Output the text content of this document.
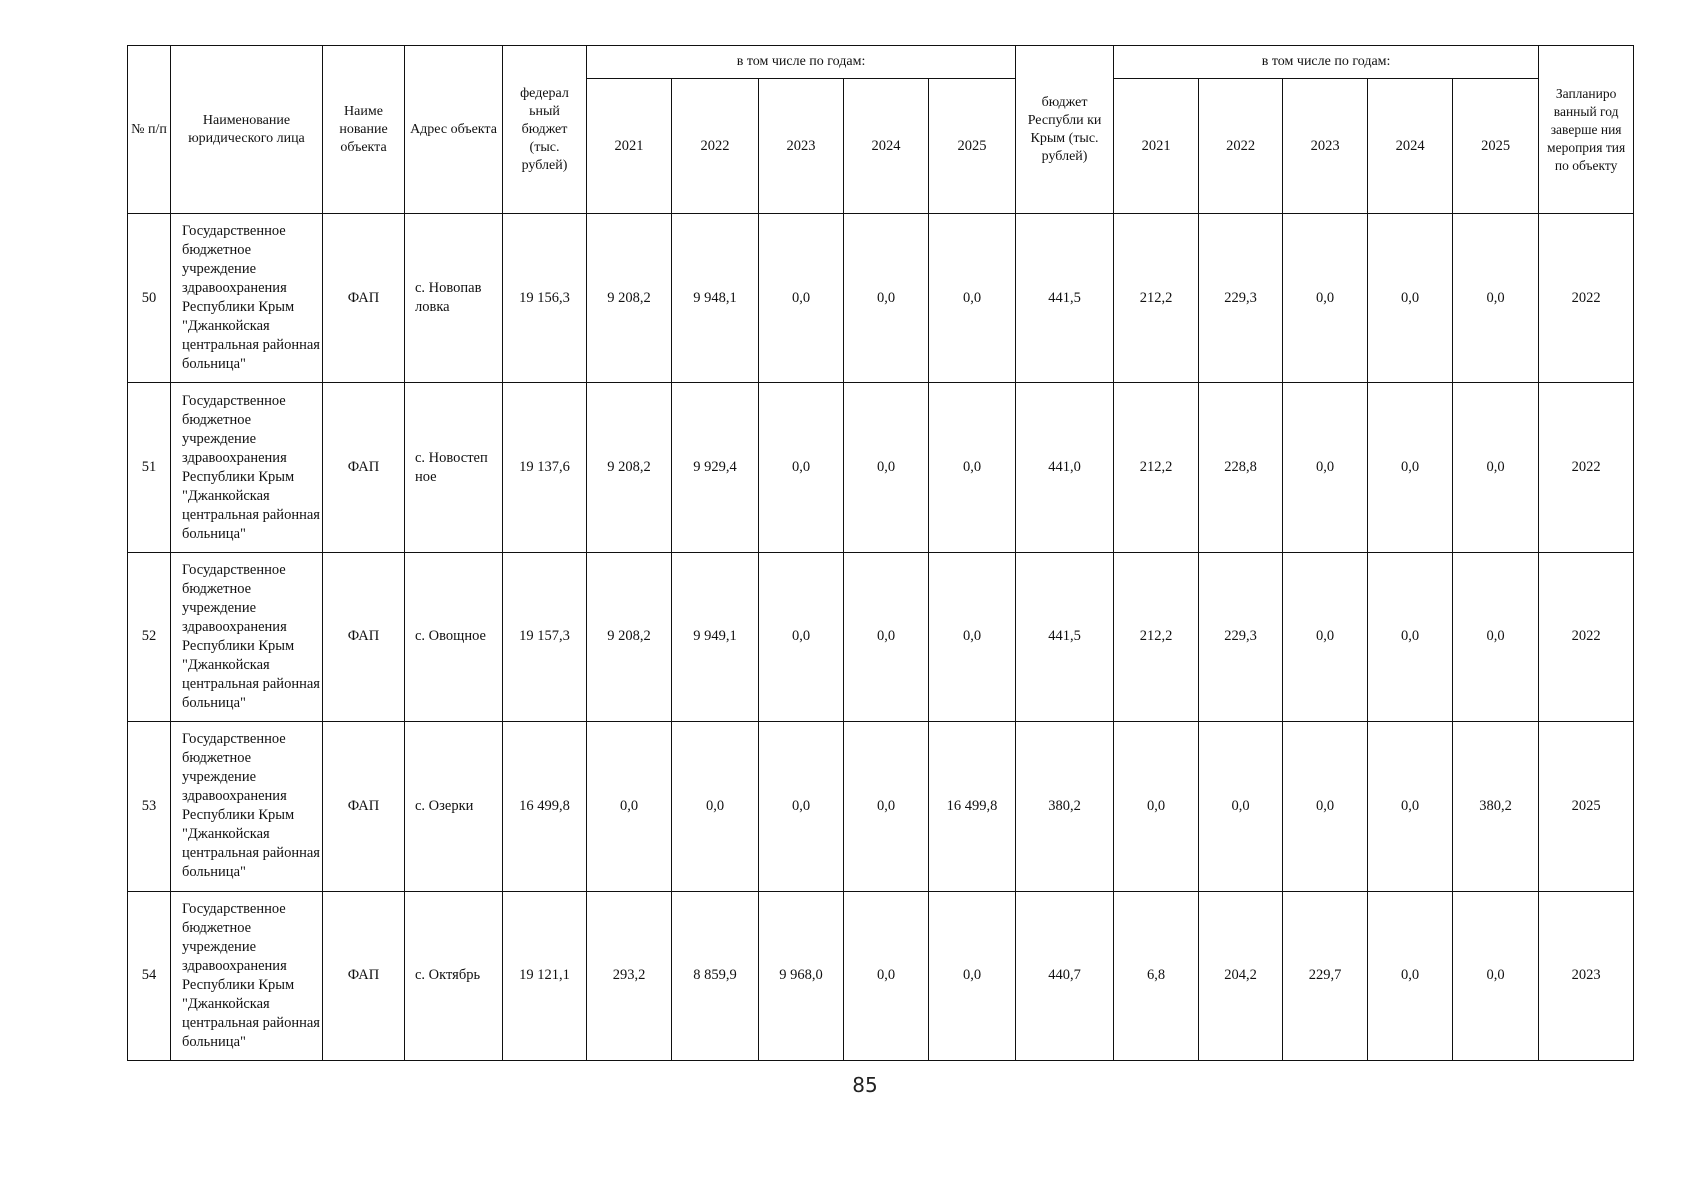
№ п/п	Наименование юридического лица	Наиме нование объекта	Адрес объекта	федерал ьный бюджет (тыс. рублей)	в том числе по годам:					бюджет Республи ки Крым (тыс. рублей)	в том числе по годам:					Запланиро ванный год заверше ния мероприя тия по объекту
					2021	2022	2023	2024	2025		2021	2022	2023	2024	2025	
50	Государственное бюджетное учреждение здравоохранения Республики Крым "Джанкойская центральная районная больница"	ФАП	с. Новопав ловка	19 156,3	9 208,2	9 948,1	0,0	0,0	0,0	441,5	212,2	229,3	0,0	0,0	0,0	2022
51	Государственное бюджетное учреждение здравоохранения Республики Крым "Джанкойская центральная районная больница"	ФАП	с. Новостеп ное	19 137,6	9 208,2	9 929,4	0,0	0,0	0,0	441,0	212,2	228,8	0,0	0,0	0,0	2022
52	Государственное бюджетное учреждение здравоохранения Республики Крым "Джанкойская центральная районная больница"	ФАП	с. Овощное	19 157,3	9 208,2	9 949,1	0,0	0,0	0,0	441,5	212,2	229,3	0,0	0,0	0,0	2022
53	Государственное бюджетное учреждение здравоохранения Республики Крым "Джанкойская центральная районная больница"	ФАП	с. Озерки	16 499,8	0,0	0,0	0,0	0,0	16 499,8	380,2	0,0	0,0	0,0	0,0	380,2	2025
54	Государственное бюджетное учреждение здравоохранения Республики Крым "Джанкойская центральная районная больница"	ФАП	с. Октябрь	19 121,1	293,2	8 859,9	9 968,0	0,0	0,0	440,7	6,8	204,2	229,7	0,0	0,0	2023
85
